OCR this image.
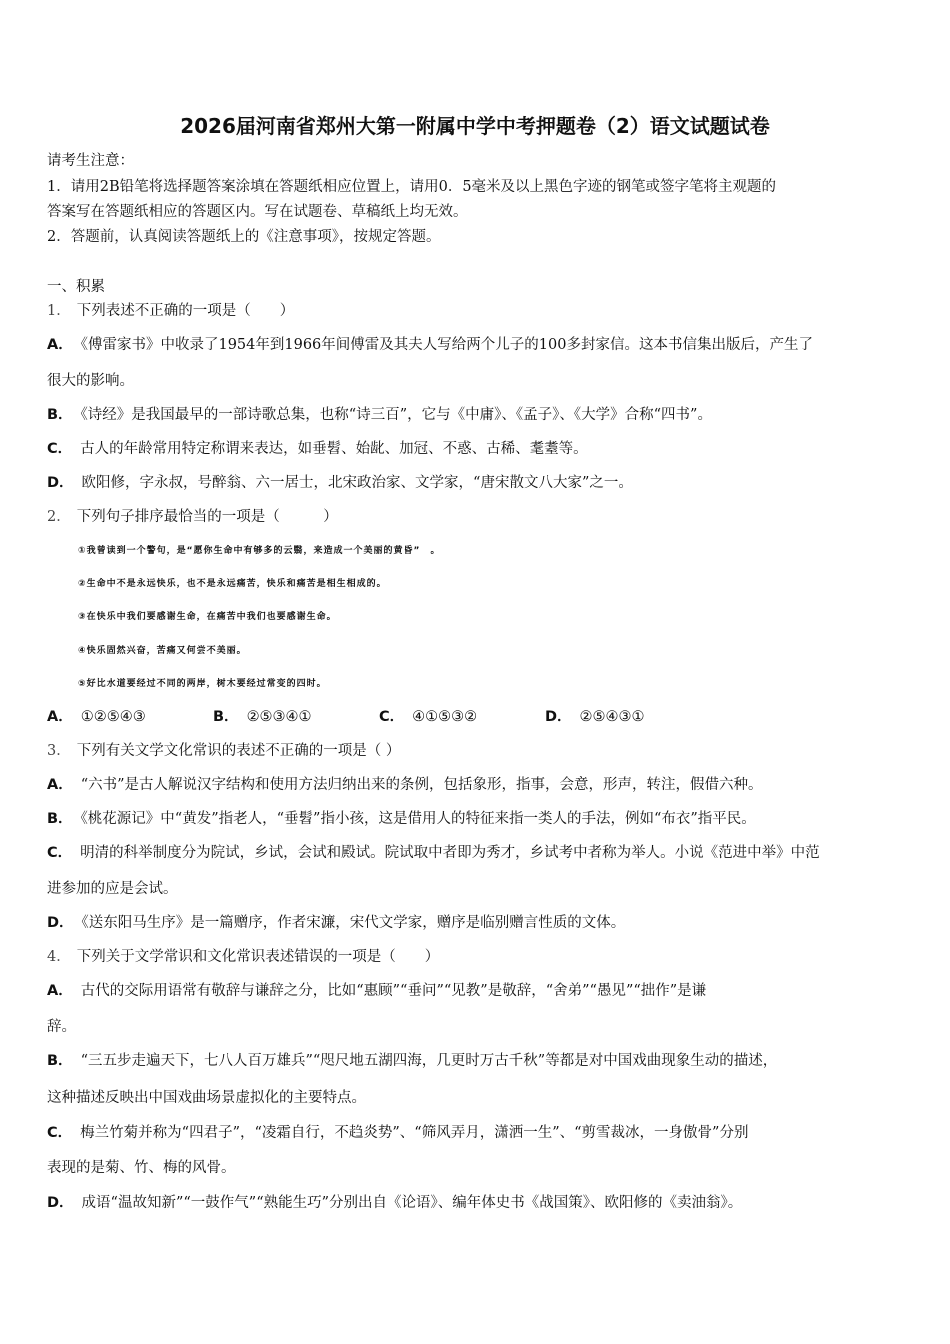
2026届河南省郑州大第一附属中学中考押题卷（2）语文试题试卷
请考生注意：
1．请用2B铅笔将选择题答案涂填在答题纸相应位置上，请用0．5毫米及以上黑色字迹的钢笔或签字笔将主观题的
答案写在答题纸相应的答题区内。写在试题卷、草稿纸上均无效。
2．答题前，认真阅读答题纸上的《注意事项》，按规定答题。
一、积累
1． 下列表述不正确的一项是（　　）
A． 《傅雷家书》中收录了1954年到1966年间傅雷及其夫人写给两个儿子的100多封家信。这本书信集出版后，产生了
很大的影响。
B． 《诗经》是我国最早的一部诗歌总集，也称“诗三百”，它与《中庸》、《孟子》、《大学》合称“四书”。
C． 古人的年龄常用特定称谓来表达，如垂髫、始龀、加冠、不惑、古稀、耄耋等。
D． 欧阳修，字永叔，号醉翁、六一居士，北宋政治家、文学家，“唐宋散文八大家”之一。
2． 下列句子排序最恰当的一项是（　　　）
①我曾读到一个警句，是“愿你生命中有够多的云翳，来造成一个美丽的黄昏”　。
②生命中不是永远快乐，也不是永远痛苦，快乐和痛苦是相生相成的。
③在快乐中我们要感谢生命，在痛苦中我们也要感谢生命。
④快乐固然兴奋，苦痛又何尝不美丽。
⑤好比水道要经过不同的两岸，树木要经过常变的四时。
A． ①②⑤④③	B． ②⑤③④①	C． ④①⑤③②	D． ②⑤④③①
3． 下列有关文学文化常识的表述不正确的一项是（ ）
A． “六书”是古人解说汉字结构和使用方法归纳出来的条例，包括象形，指事，会意，形声，转注，假借六种。
B． 《桃花源记》中“黄发”指老人，“垂髫”指小孩，这是借用人的特征来指一类人的手法，例如“布衣”指平民。
C． 明清的科举制度分为院试，乡试，会试和殿试。院试取中者即为秀才，乡试考中者称为举人。小说《范进中举》中范
进参加的应是会试。
D． 《送东阳马生序》是一篇赠序，作者宋濂，宋代文学家，赠序是临别赠言性质的文体。
4． 下列关于文学常识和文化常识表述错误的一项是（　　）
A． 古代的交际用语常有敬辞与谦辞之分，比如“惠顾”“垂问”“见教”是敬辞，“舍弟”“愚见”“拙作”是谦
辞。
B． “三五步走遍天下，七八人百万雄兵”“咫尺地五湖四海，几更时万古千秋”等都是对中国戏曲现象生动的描述，
这种描述反映出中国戏曲场景虚拟化的主要特点。
C． 梅兰竹菊并称为“四君子”，“凌霜自行，不趋炎势”、“筛风弄月，潇洒一生”、“剪雪裁冰，一身傲骨”分别
表现的是菊、竹、梅的风骨。
D． 成语“温故知新”“一鼓作气”“熟能生巧”分别出自《论语》、编年体史书《战国策》、欧阳修的《卖油翁》。
